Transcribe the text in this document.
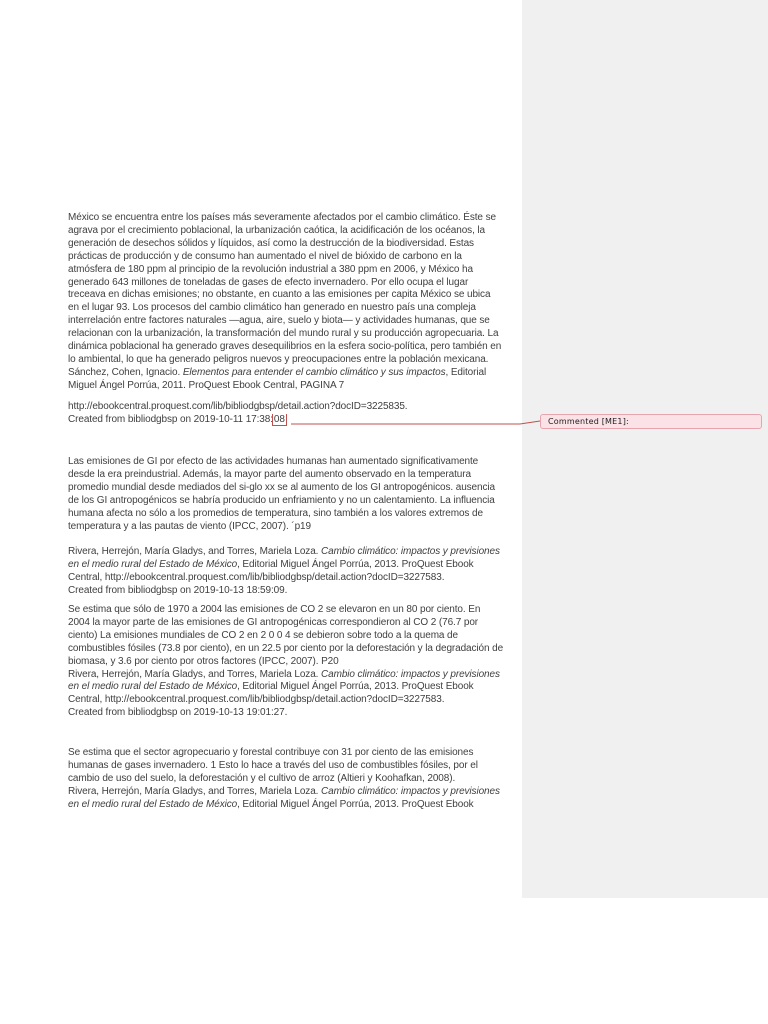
México se encuentra entre los países más severamente afectados por el cambio climático. Éste se
agrava por el crecimiento poblacional, la urbanización caótica, la acidificación de los océanos, la
generación de desechos sólidos y líquidos, así como la destrucción de la biodiversidad. Estas
prácticas de producción y de consumo han aumentado el nivel de bióxido de carbono en la
atmósfera de 180 ppm al principio de la revolución industrial a 380 ppm en 2006, y México ha
generado 643 millones de toneladas de gases de efecto invernadero. Por ello ocupa el lugar
treceava en dichas emisiones; no obstante, en cuanto a las emisiones per capita México se ubica
en el lugar 93. Los procesos del cambio climático han generado en nuestro país una compleja
interrelación entre factores naturales —agua, aire, suelo y biota— y actividades humanas, que se
relacionan con la urbanización, la transformación del mundo rural y su producción agropecuaria. La
dinámica poblacional ha generado graves desequilibrios en la esfera socio-política, pero también en
lo ambiental, lo que ha generado peligros nuevos y preocupaciones entre la población mexicana.
Sánchez, Cohen, Ignacio. Elementos para entender el cambio climático y sus impactos, Editorial
Miguel Ángel Porrúa, 2011. ProQuest Ebook Central, PAGINA 7
http://ebookcentral.proquest.com/lib/bibliodgbsp/detail.action?docID=3225835.
Created from bibliodgbsp on 2019-10-11 17:38:08	Commented [ME1]:
Las emisiones de GI por efecto de las actividades humanas han aumentado significativamente
desde la era preindustrial. Además, la mayor parte del aumento observado en la temperatura
promedio mundial desde mediados del si-glo xx se al aumento de los GI antropogénicos. ausencia
de los GI antropogénicos se habría producido un enfriamiento y no un calentamiento. La influencia
humana afecta no sólo a los promedios de temperatura, sino también a los valores extremos de
temperatura y a las pautas de viento (IPCC, 2007). ´p19
Rivera, Herrejón, María Gladys, and Torres, Mariela Loza. Cambio climático: impactos y previsiones
en el medio rural del Estado de México, Editorial Miguel Ángel Porrúa, 2013. ProQuest Ebook
Central, http://ebookcentral.proquest.com/lib/bibliodgbsp/detail.action?docID=3227583.
Created from bibliodgbsp on 2019-10-13 18:59:09.
Se estima que sólo de 1970 a 2004 las emisiones de CO 2 se elevaron en un 80 por ciento. En
2004 la mayor parte de las emisiones de GI antropogénicas correspondieron al CO 2 (76.7 por
ciento) La emisiones mundiales de CO 2 en 2 0 0 4 se debieron sobre todo a la quema de
combustibles fósiles (73.8 por ciento), en un 22.5 por ciento por la deforestación y la degradación de
biomasa, y 3.6 por ciento por otros factores (IPCC, 2007). P20
Rivera, Herrejón, María Gladys, and Torres, Mariela Loza. Cambio climático: impactos y previsiones
en el medio rural del Estado de México, Editorial Miguel Ángel Porrúa, 2013. ProQuest Ebook
Central, http://ebookcentral.proquest.com/lib/bibliodgbsp/detail.action?docID=3227583.
Created from bibliodgbsp on 2019-10-13 19:01:27.
Se estima que el sector agropecuario y forestal contribuye con 31 por ciento de las emisiones
humanas de gases invernadero. 1 Esto lo hace a través del uso de combustibles fósiles, por el
cambio de uso del suelo, la deforestación y el cultivo de arroz (Altieri y Koohafkan, 2008).
Rivera, Herrejón, María Gladys, and Torres, Mariela Loza. Cambio climático: impactos y previsiones
en el medio rural del Estado de México, Editorial Miguel Ángel Porrúa, 2013. ProQuest Ebook
